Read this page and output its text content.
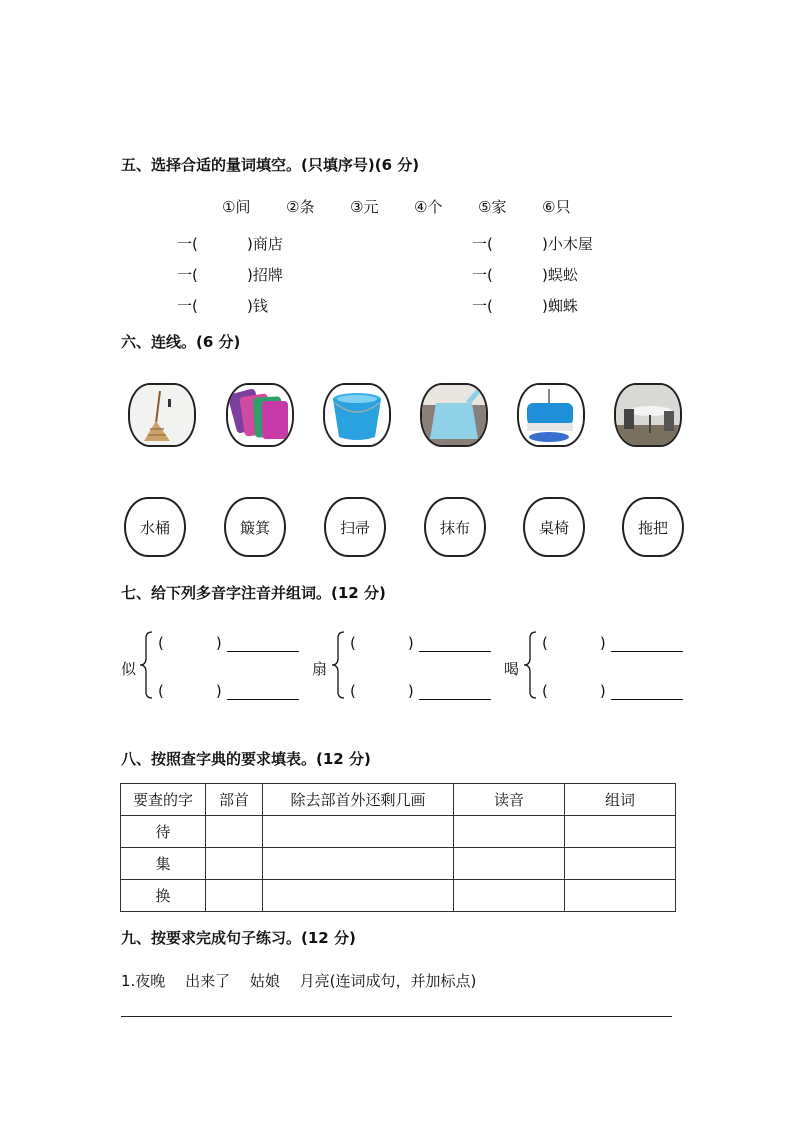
五、选择合适的量词填空。(只填序号)(6 分)
①间	②条	③元	④个	⑤家	⑥只
一(	)商店	一(	)小木屋
一(	)招牌	一(	)蜈蚣
一(	)钱	一(	)蜘蛛
六、连线。(6 分)
水桶	簸箕	扫帚	抹布	桌椅	拖把
七、给下列多音字注音并组词。(12 分)
似
(	)
(	)
扇
(	)
(	)
喝
(	)
(	)
八、按照查字典的要求填表。(12 分)
要查的字	部首	除去部首外还剩几画	读音	组词
待				
集				
换				
九、按要求完成句子练习。(12 分)
1.夜晚　 出来了　 姑娘　 月亮(连词成句，并加标点)
